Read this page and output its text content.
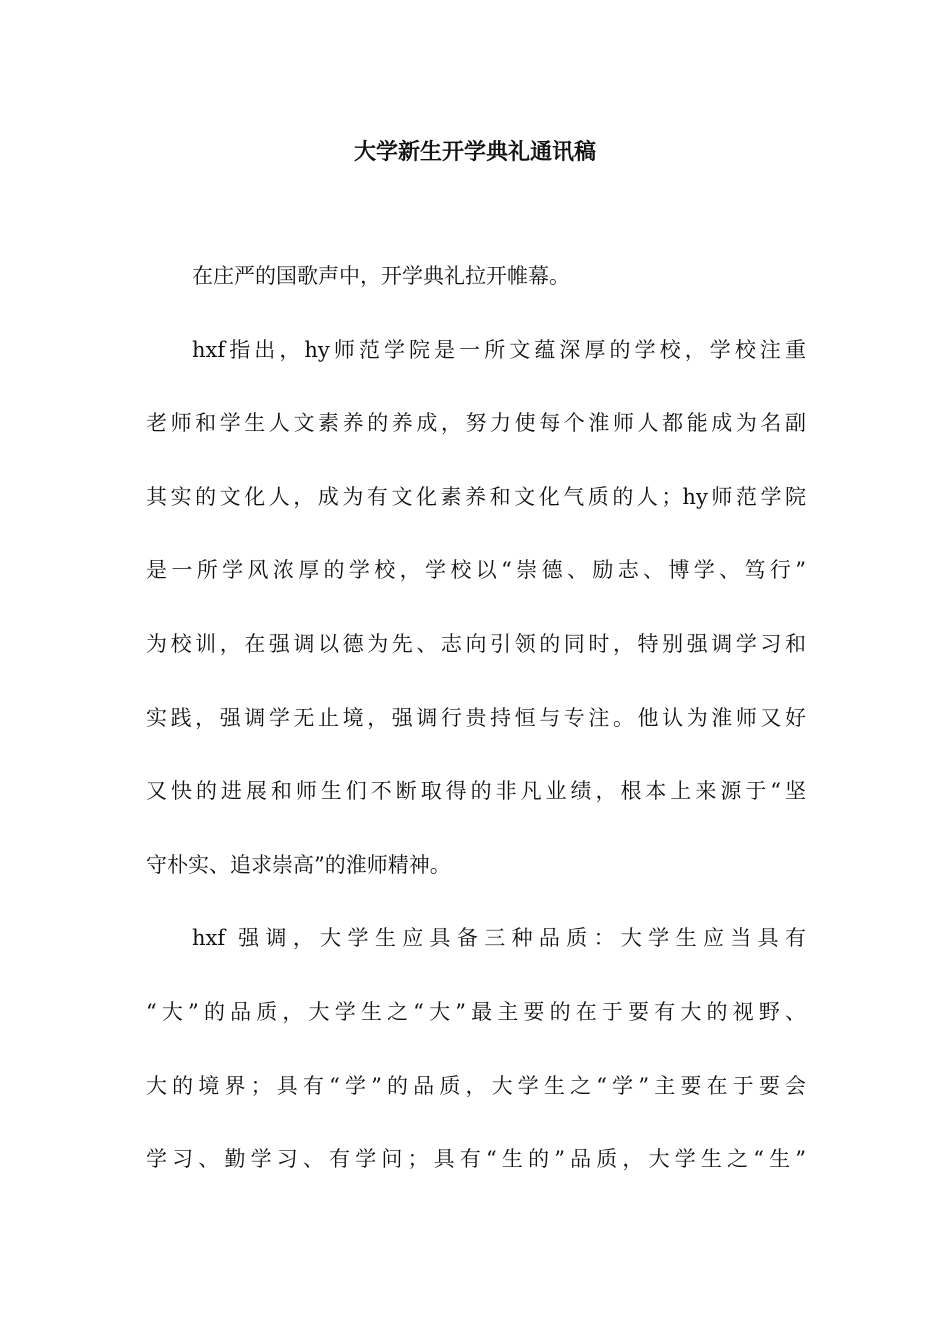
大学新生开学典礼通讯稿
在庄严的国歌声中，开学典礼拉开帷幕。
hxf指出，hy师范学院是一所文蕴深厚的学校，学校注重
老师和学生人文素养的养成，努力使每个淮师人都能成为名副
其实的文化人，成为有文化素养和文化气质的人；hy师范学院
是一所学风浓厚的学校，学校以“崇德、励志、博学、笃行”
为校训，在强调以德为先、志向引领的同时，特别强调学习和
实践，强调学无止境，强调行贵持恒与专注。他认为淮师又好
又快的进展和师生们不断取得的非凡业绩，根本上来源于“坚
守朴实、追求崇高”的淮师精神。
hxf 强调，大学生应具备三种品质：大学生应当具有
“大”的品质，大学生之“大”最主要的在于要有大的视野、
大的境界；具有“学”的品质，大学生之“学”主要在于要会
学习、勤学习、有学问；具有“生的”品质，大学生之“生”
